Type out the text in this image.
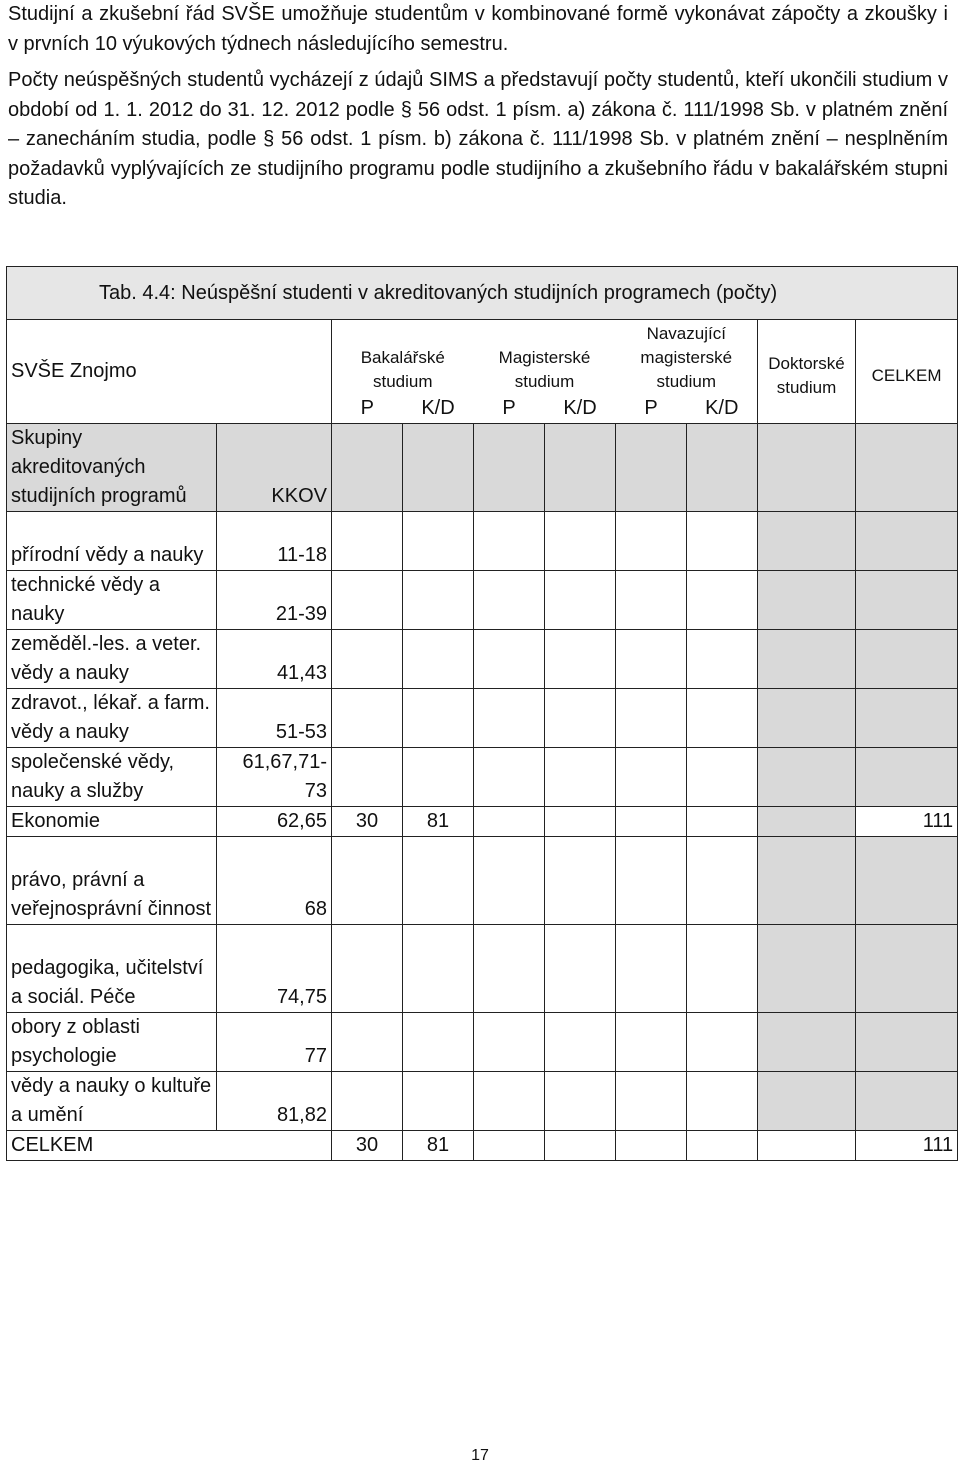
Studijní a zkušební řád SVŠE umožňuje studentům v kombinované formě vykonávat zápočty a zkoušky i v prvních 10 výukových týdnech následujícího semestru.

Počty neúspěšných studentů vycházejí z údajů SIMS a představují počty studentů, kteří ukončili studium v období od 1. 1. 2012 do 31. 12. 2012 podle § 56 odst. 1 písm. a) zákona č. 111/1998 Sb. v platném znění – zanecháním studia, podle § 56 odst. 1 písm. b) zákona č. 111/1998 Sb. v platném znění – nesplněním požadavků vyplývajících ze studijního programu podle studijního a zkušebního řádu v bakalářském stupni studia.

Tab. 4.4: Neúspěšní studenti v akreditovaných studijních programech (počty)									
SVŠE Znojmo		Bakalářské studium		Magisterské studium		Navazující magisterské studium		Doktorské studium	CELKEM
		P	K/D	P	K/D	P	K/D		
Skupiny akreditovaných studijních programů	KKOV								
přírodní vědy a nauky	11-18								
technické vědy a nauky	21-39								
zeměděl.-les. a veter. vědy a nauky	41,43								
zdravot., lékař. a farm. vědy a nauky	51-53								
společenské vědy, nauky a služby	61,67,71-73								
Ekonomie	62,65	30	81						111
právo, právní a veřejnosprávní činnost	68								
pedagogika, učitelství a sociál. Péče	74,75								
obory z oblasti psychologie	77								
vědy a nauky o kultuře a umění	81,82								
CELKEM		30	81						111
17
